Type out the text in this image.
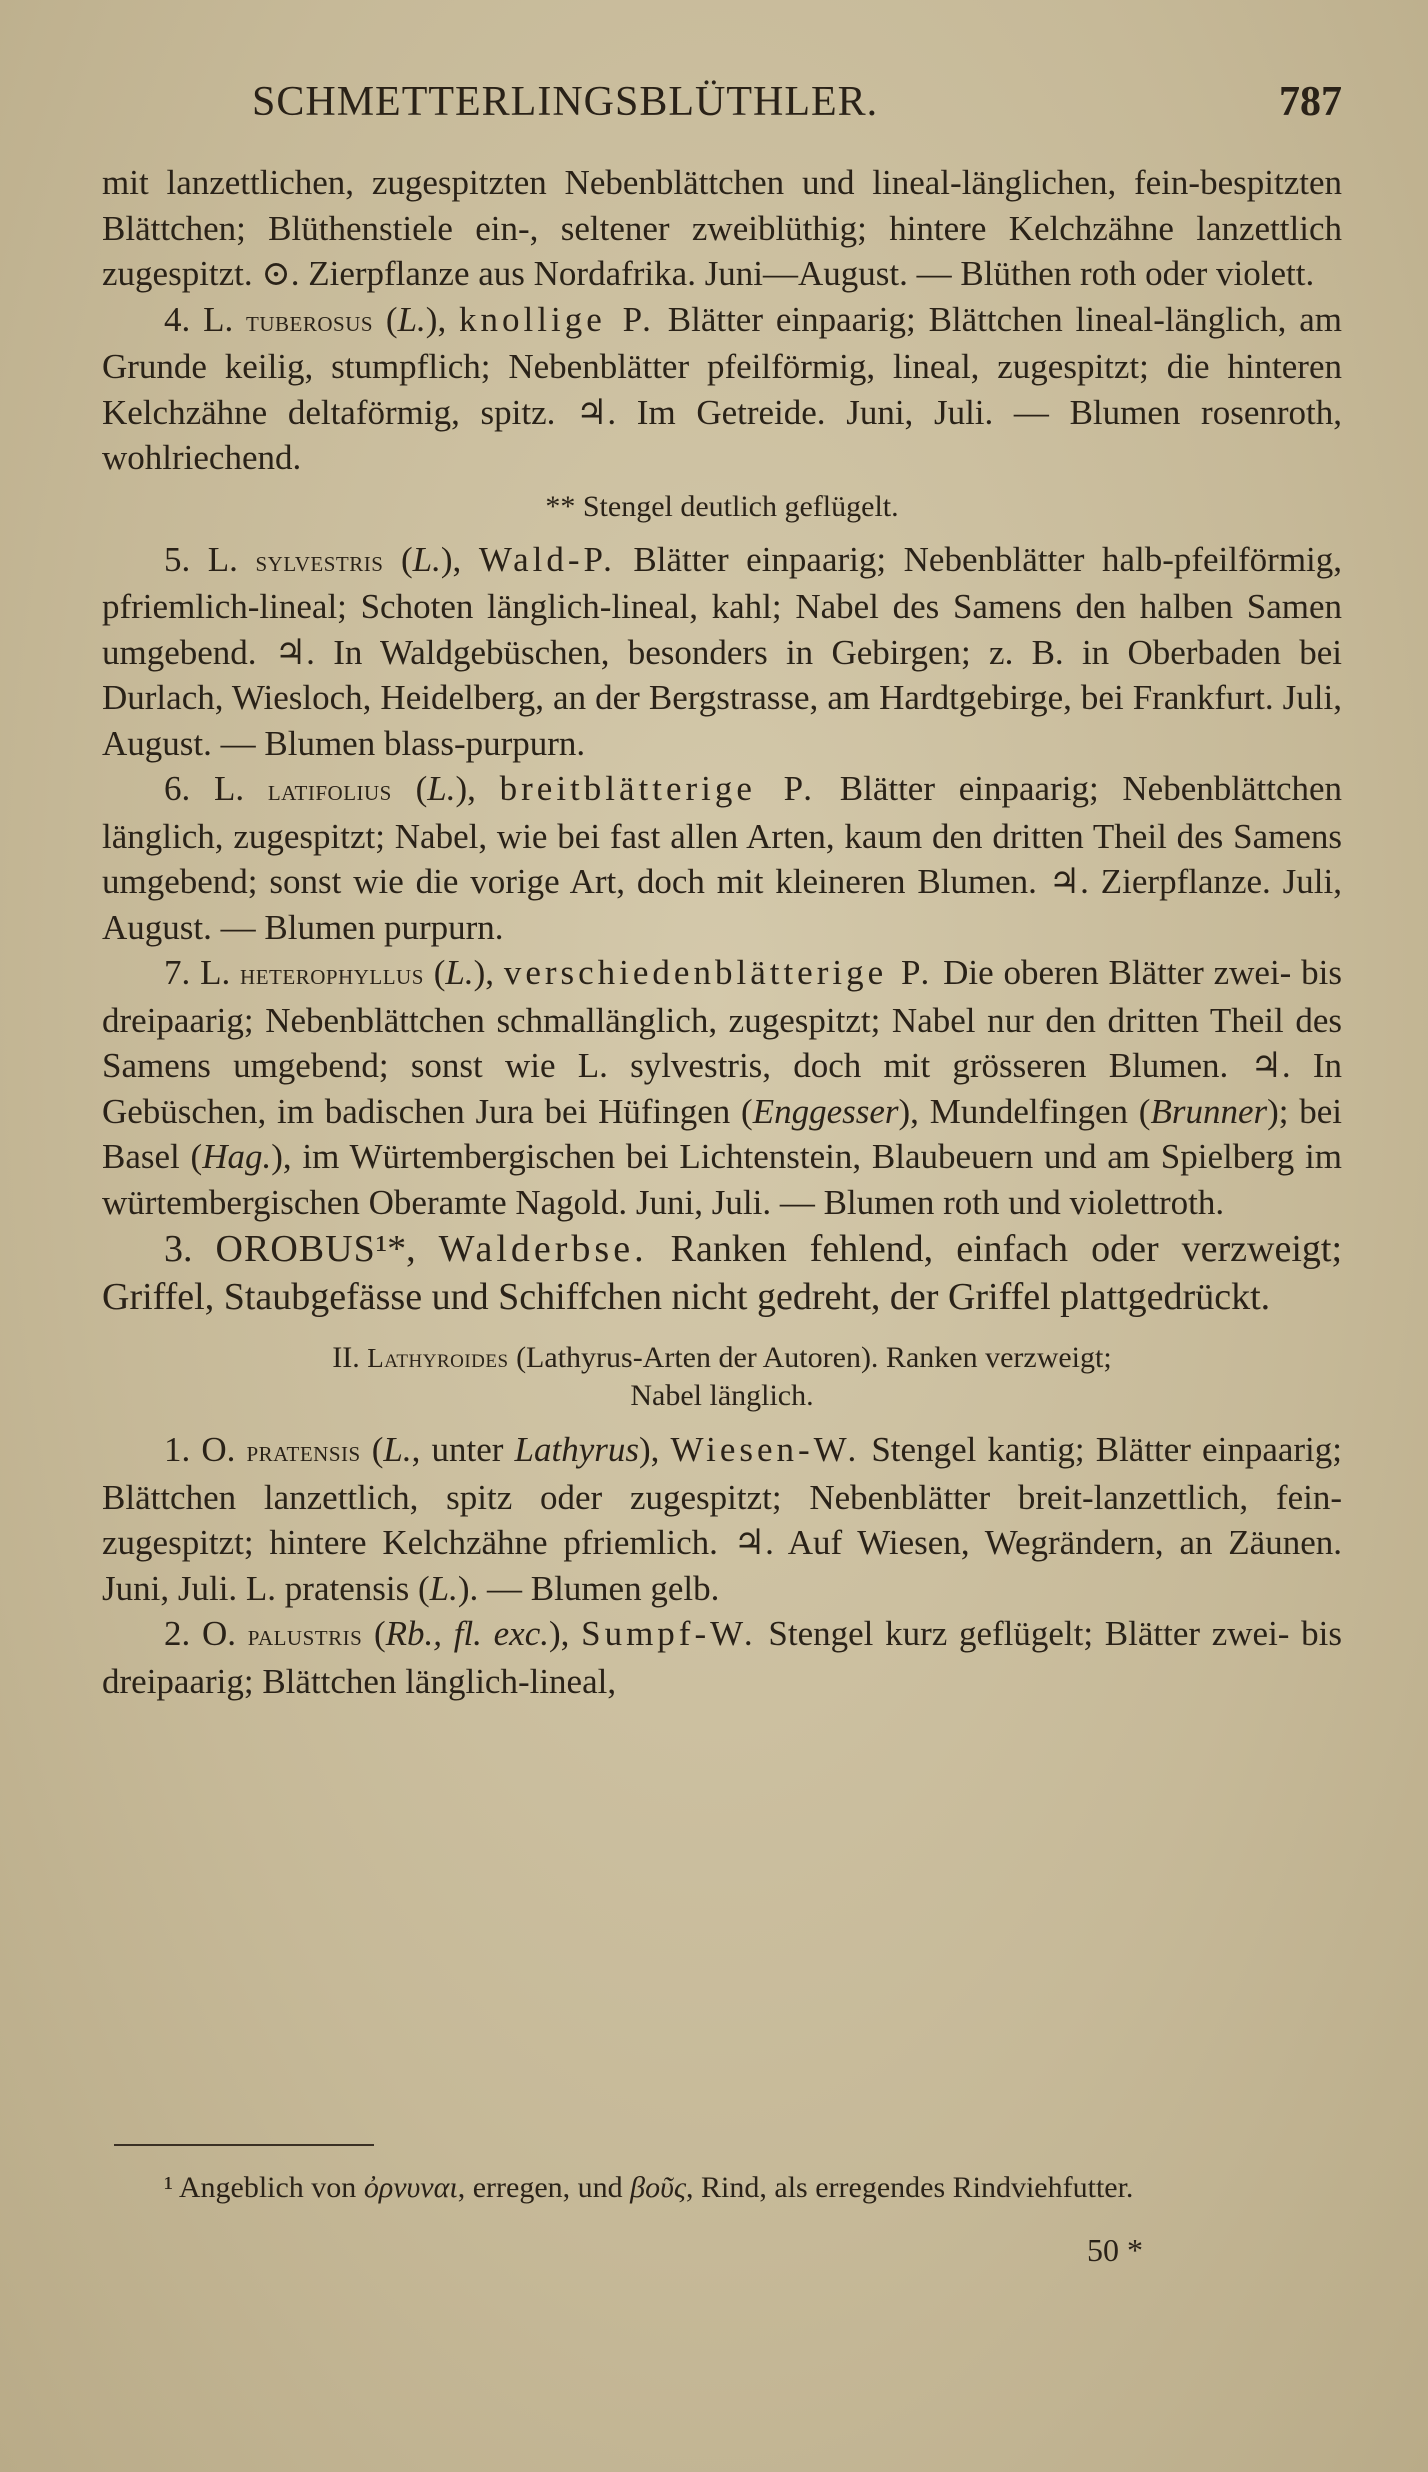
SCHMETTERLINGSBLÜTHLER.	787

mit lanzettlichen, zugespitzten Nebenblättchen und lineal-länglichen, fein-bespitzten Blättchen; Blüthenstiele ein-, seltener zweiblüthig; hintere Kelchzähne lanzettlich zugespitzt. ⊙. Zierpflanze aus Nordafrika. Juni—August. — Blüthen roth oder violett.

4. L. tuberosus (L.), knollige P. Blätter einpaarig; Blättchen lineal-länglich, am Grunde keilig, stumpflich; Nebenblätter pfeilförmig, lineal, zugespitzt; die hinteren Kelchzähne deltaförmig, spitz. ♃. Im Getreide. Juni, Juli. — Blumen rosenroth, wohlriechend.

** Stengel deutlich geflügelt.

5. L. sylvestris (L.), Wald-P. Blätter einpaarig; Nebenblätter halb-pfeilförmig, pfriemlich-lineal; Schoten länglich-lineal, kahl; Nabel des Samens den halben Samen umgebend. ♃. In Waldgebüschen, besonders in Gebirgen; z. B. in Oberbaden bei Durlach, Wiesloch, Heidelberg, an der Bergstrasse, am Hardtgebirge, bei Frankfurt. Juli, August. — Blumen blass-purpurn.

6. L. latifolius (L.), breitblätterige P. Blätter einpaarig; Nebenblättchen länglich, zugespitzt; Nabel, wie bei fast allen Arten, kaum den dritten Theil des Samens umgebend; sonst wie die vorige Art, doch mit kleineren Blumen. ♃. Zierpflanze. Juli, August. — Blumen purpurn.

7. L. heterophyllus (L.), verschiedenblätterige P. Die oberen Blätter zwei- bis dreipaarig; Nebenblättchen schmallänglich, zugespitzt; Nabel nur den dritten Theil des Samens umgebend; sonst wie L. sylvestris, doch mit grösseren Blumen. ♃. In Gebüschen, im badischen Jura bei Hüfingen (Enggesser), Mundelfingen (Brunner); bei Basel (Hag.), im Würtembergischen bei Lichtenstein, Blaubeuern und am Spielberg im würtembergischen Oberamte Nagold. Juni, Juli. — Blumen roth und violettroth.

3. OROBUS¹*, Walderbse. Ranken fehlend, einfach oder verzweigt; Griffel, Staubgefässe und Schiffchen nicht gedreht, der Griffel plattgedrückt.

II. Lathyroides (Lathyrus-Arten der Autoren). Ranken verzweigt;
Nabel länglich.

1. O. pratensis (L., unter Lathyrus), Wiesen-W. Stengel kantig; Blätter einpaarig; Blättchen lanzettlich, spitz oder zugespitzt; Nebenblätter breit-lanzettlich, fein-zugespitzt; hintere Kelchzähne pfriemlich. ♃. Auf Wiesen, Wegrändern, an Zäunen. Juni, Juli. L. pratensis (L.). — Blumen gelb.

2. O. palustris (Rb., fl. exc.), Sumpf-W. Stengel kurz geflügelt; Blätter zwei- bis dreipaarig; Blättchen länglich-lineal,

¹ Angeblich von ὀρνυναι, erregen, und βοῦς, Rind, als erregendes Rindviehfutter.
50 *
